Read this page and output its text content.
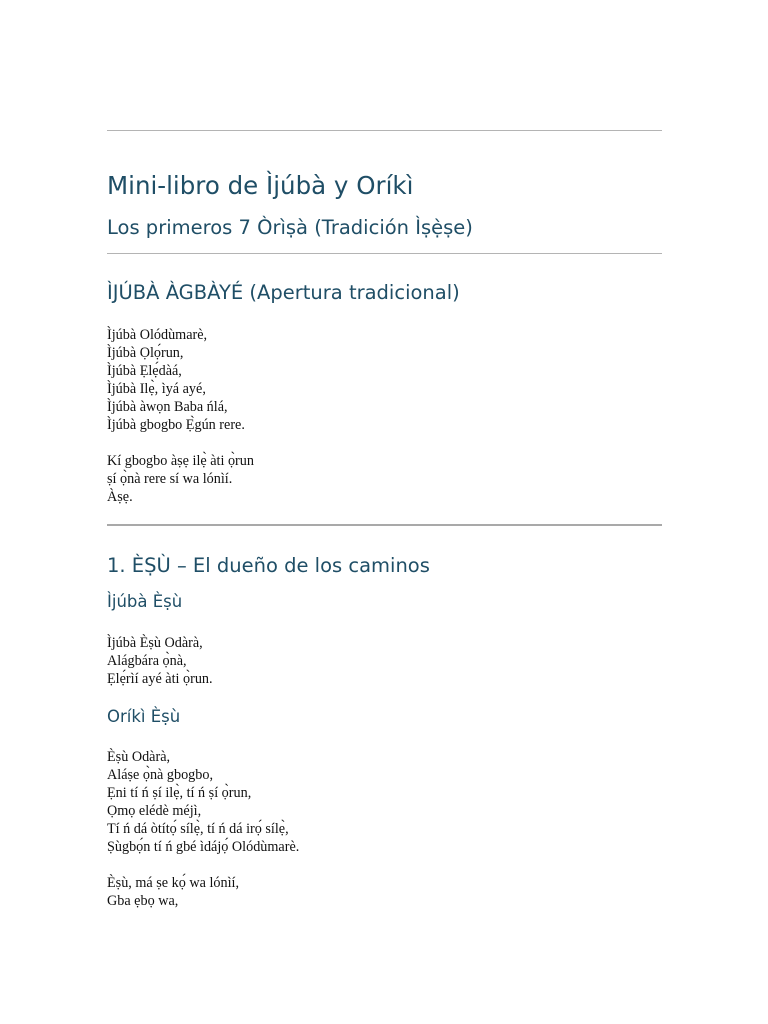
Mini-libro de Ìjúbà y Oríkì
Los primeros 7 Òrìṣà (Tradición Ìṣẹ̀ṣe)
ÌJÚBÀ ÀGBÀYÉ (Apertura tradicional)
Ìjúbà Olódùmarè,
Ìjúbà Ọlọ́run,
Ìjúbà Ẹlẹ́dàá,
Ìjúbà Ilẹ̀, ìyá ayé,
Ìjúbà àwọn Baba ńlá,
Ìjúbà gbogbo Ẹ̀gún rere.
Kí gbogbo àṣẹ ilẹ̀ àti ọ̀run
ṣí ọ̀nà rere sí wa lónìí.
Àṣẹ.
1. ÈṢÙ – El dueño de los caminos
Ìjúbà Èṣù
Ìjúbà Èṣù Odàrà,
Alágbára ọ̀nà,
Ẹlẹ́rìí ayé àti ọ̀run.
Oríkì Èṣù
Èṣù Odàrà,
Aláṣe ọ̀nà gbogbo,
Ẹni tí ń ṣí ilẹ̀, tí ń ṣí ọ̀run,
Ọmọ elédè méjì,
Tí ń dá òtítọ́ sílẹ̀, tí ń dá irọ́ sílẹ̀,
Ṣùgbọ́n tí ń gbé ìdájọ́ Olódùmarè.
Èṣù, má ṣe kọ́ wa lónìí,
Gba ẹbọ wa,
